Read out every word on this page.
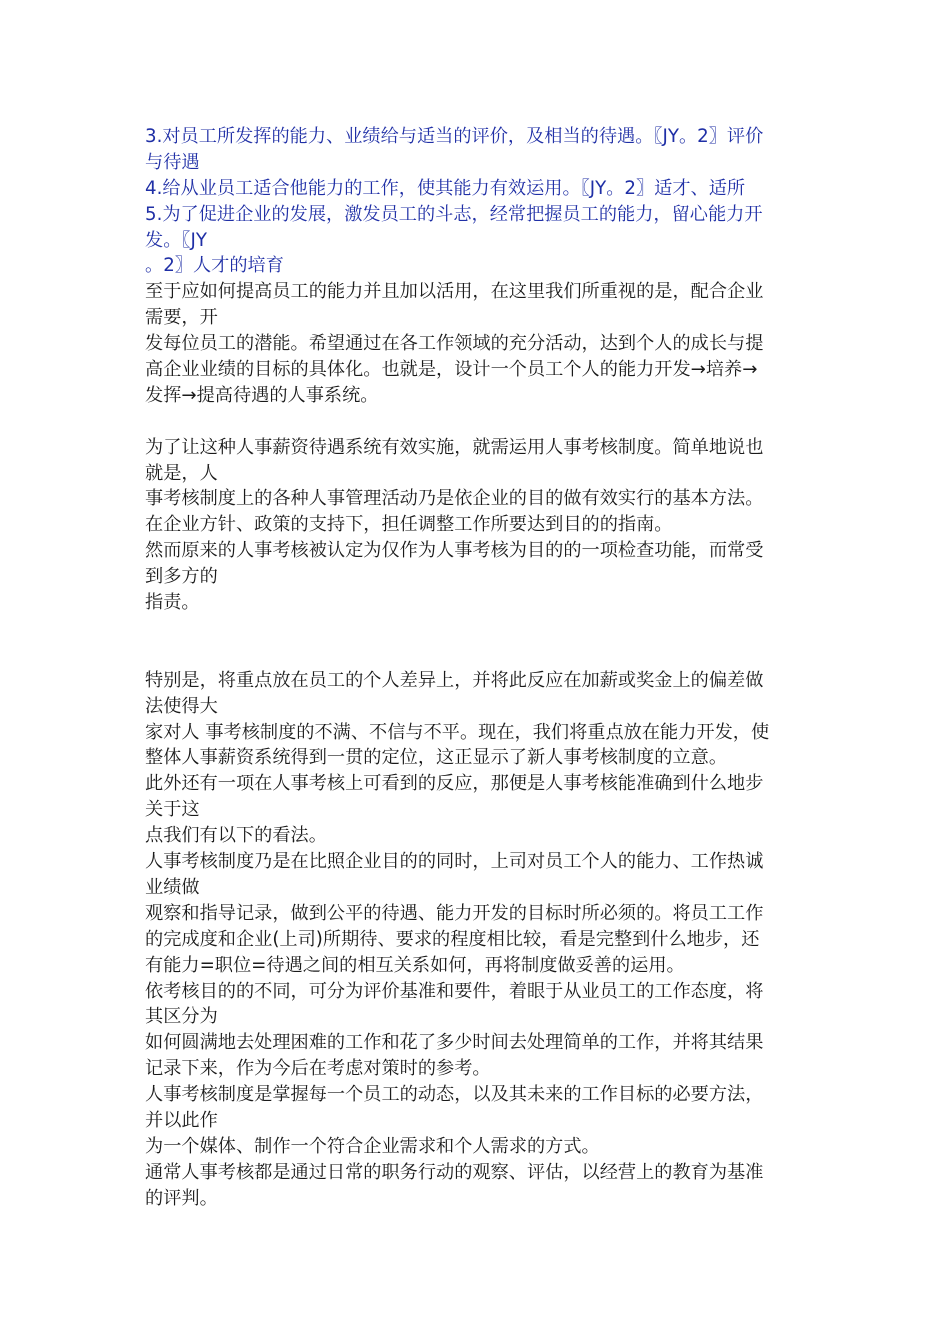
3.对员工所发挥的能力、业绩给与适当的评价，及相当的待遇。〖JY。2〗评价
与待遇
4.给从业员工适合他能力的工作，使其能力有效运用。〖JY。2〗适才、适所
5.为了促进企业的发展，激发员工的斗志，经常把握员工的能力，留心能力开
发。〖JY
。2〗人才的培育
至于应如何提高员工的能力并且加以活用，在这里我们所重视的是，配合企业
需要，开
发每位员工的潜能。希望通过在各工作领域的充分活动，达到个人的成长与提
高企业业绩的目标的具体化。也就是，设计一个员工个人的能力开发→培养→
发挥→提高待遇的人事系统。
为了让这种人事薪资待遇系统有效实施，就需运用人事考核制度。简单地说也
就是，人
事考核制度上的各种人事管理活动乃是依企业的目的做有效实行的基本方法。
在企业方针、政策的支持下，担任调整工作所要达到目的的指南。
然而原来的人事考核被认定为仅作为人事考核为目的的一项检查功能，而常受
到多方的
指责。
特别是，将重点放在员工的个人差异上，并将此反应在加薪或奖金上的偏差做
法使得大
家对人 事考核制度的不满、不信与不平。现在，我们将重点放在能力开发，使
整体人事薪资系统得到一贯的定位，这正显示了新人事考核制度的立意。
此外还有一项在人事考核上可看到的反应，那便是人事考核能准确到什么地步
关于这
点我们有以下的看法。
人事考核制度乃是在比照企业目的的同时，上司对员工个人的能力、工作热诚
业绩做
观察和指导记录，做到公平的待遇、能力开发的目标时所必须的。将员工工作
的完成度和企业(上司)所期待、要求的程度相比较，看是完整到什么地步，还
有能力=职位=待遇之间的相互关系如何，再将制度做妥善的运用。
依考核目的的不同，可分为评价基准和要件，着眼于从业员工的工作态度，将
其区分为
如何圆满地去处理困难的工作和花了多少时间去处理简单的工作，并将其结果
记录下来，作为今后在考虑对策时的参考。
人事考核制度是掌握每一个员工的动态，以及其未来的工作目标的必要方法，
并以此作
为一个媒体、制作一个符合企业需求和个人需求的方式。
通常人事考核都是通过日常的职务行动的观察、评估，以经营上的教育为基准
的评判。
